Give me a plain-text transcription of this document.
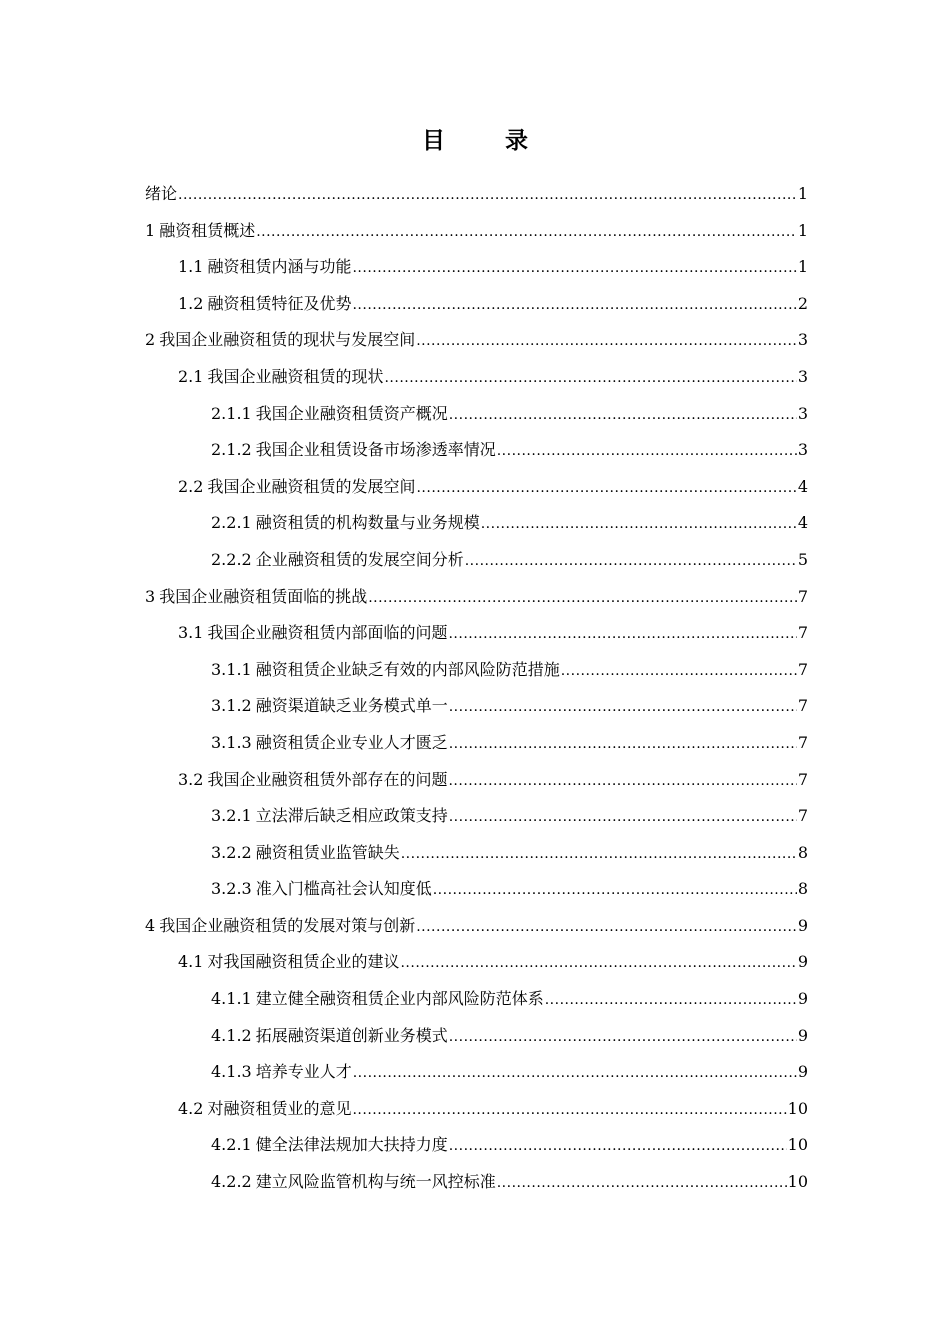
目 录
绪论 .....	1
1 融资租赁概述 .....	1
1.1 融资租赁内涵与功能 .....	1
1.2 融资租赁特征及优势 .....	2
2 我国企业融资租赁的现状与发展空间 .....	3
2.1 我国企业融资租赁的现状 .....	3
2.1.1 我国企业融资租赁资产概况 .....	3
2.1.2 我国企业租赁设备市场渗透率情况 .....	3
2.2 我国企业融资租赁的发展空间 .....	4
2.2.1 融资租赁的机构数量与业务规模 .....	4
2.2.2 企业融资租赁的发展空间分析 .....	5
3 我国企业融资租赁面临的挑战 .....	7
3.1 我国企业融资租赁内部面临的问题 .....	7
3.1.1 融资租赁企业缺乏有效的内部风险防范措施 .....	7
3.1.2 融资渠道缺乏业务模式单一 .....	7
3.1.3 融资租赁企业专业人才匮乏 .....	7
3.2 我国企业融资租赁外部存在的问题 .....	7
3.2.1 立法滞后缺乏相应政策支持 .....	7
3.2.2 融资租赁业监管缺失 .....	8
3.2.3 准入门槛高社会认知度低 .....	8
4 我国企业融资租赁的发展对策与创新 .....	9
4.1 对我国融资租赁企业的建议 .....	9
4.1.1 建立健全融资租赁企业内部风险防范体系 .....	9
4.1.2 拓展融资渠道创新业务模式 .....	9
4.1.3 培养专业人才 .....	9
4.2 对融资租赁业的意见 .....	10
4.2.1 健全法律法规加大扶持力度 .....	10
4.2.2 建立风险监管机构与统一风控标准 .....	10
